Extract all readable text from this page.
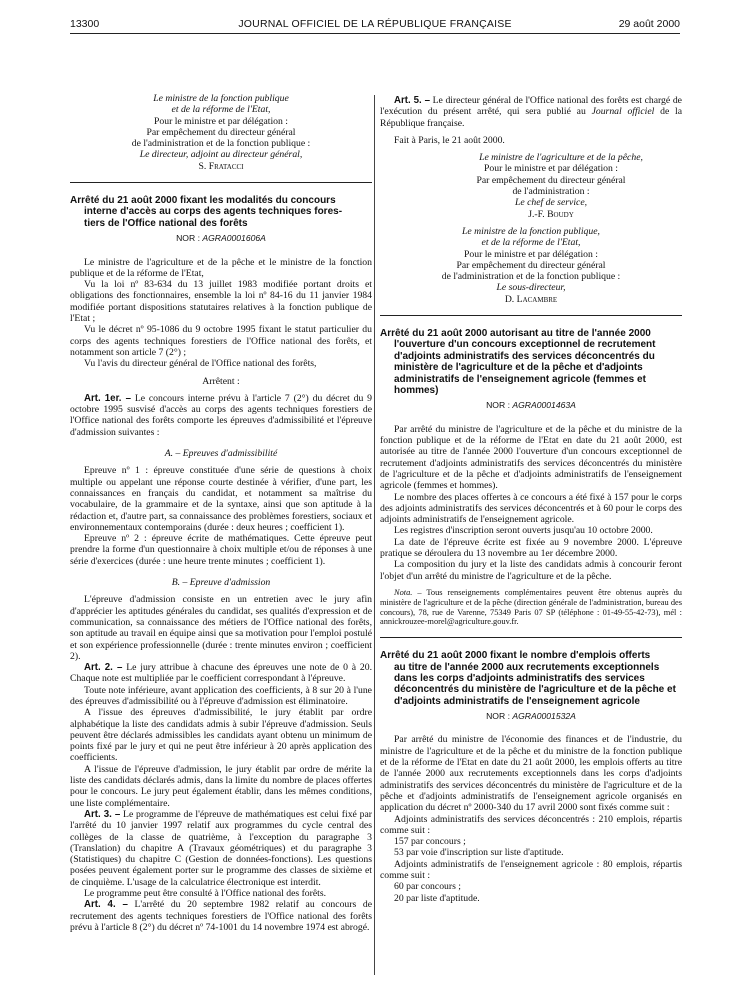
13300	JOURNAL OFFICIEL DE LA RÉPUBLIQUE FRANÇAISE	29 août 2000

Le ministre de la fonction publique

et de la réforme de l'Etat,

Pour le ministre et par délégation :

Par empêchement du directeur général

de l'administration et de la fonction publique :

Le directeur, adjoint au directeur général,

S. Fratacci

Arrêté du 21 août 2000 fixant les modalités du concours
interne d'accès au corps des agents techniques fores-
tiers de l'Office national des forêts

NOR : AGRA0001606A

Le ministre de l'agriculture et de la pêche et le ministre de la fonction publique et de la réforme de l'Etat,

Vu la loi nº 83-634 du 13 juillet 1983 modifiée portant droits et obligations des fonctionnaires, ensemble la loi nº 84-16 du 11 janvier 1984 modifiée portant dispositions statutaires relatives à la fonction publique de l'Etat ;

Vu le décret nº 95-1086 du 9 octobre 1995 fixant le statut particulier du corps des agents techniques forestiers de l'Office national des forêts, et notamment son article 7 (2°) ;

Vu l'avis du directeur général de l'Office national des forêts,

Arrêtent :

Art. 1er. – Le concours interne prévu à l'article 7 (2°) du décret du 9 octobre 1995 susvisé d'accès au corps des agents techniques forestiers de l'Office national des forêts comporte les épreuves d'admissibilité et l'épreuve d'admission suivantes :

A. – Epreuves d'admissibilité

Epreuve nº 1 : épreuve constituée d'une série de questions à choix multiple ou appelant une réponse courte destinée à vérifier, d'une part, les connaissances en français du candidat, et notamment sa maîtrise du vocabulaire, de la grammaire et de la syntaxe, ainsi que son aptitude à la rédaction et, d'autre part, sa connaissance des problèmes forestiers, sociaux et environnementaux contemporains (durée : deux heures ; coefficient 1).

Epreuve nº 2 : épreuve écrite de mathématiques. Cette épreuve peut prendre la forme d'un questionnaire à choix multiple et/ou de réponses à une série d'exercices (durée : une heure trente minutes ; coefficient 1).

B. – Epreuve d'admission

L'épreuve d'admission consiste en un entretien avec le jury afin d'apprécier les aptitudes générales du candidat, ses qualités d'expression et de communication, sa connaissance des métiers de l'Office national des forêts, son aptitude au travail en équipe ainsi que sa motivation pour l'emploi postulé et son expérience professionnelle (durée : trente minutes environ ; coefficient 2).

Art. 2. – Le jury attribue à chacune des épreuves une note de 0 à 20. Chaque note est multipliée par le coefficient correspondant à l'épreuve.

Toute note inférieure, avant application des coefficients, à 8 sur 20 à l'une des épreuves d'admissibilité ou à l'épreuve d'admission est éliminatoire.

A l'issue des épreuves d'admissibilité, le jury établit par ordre alphabétique la liste des candidats admis à subir l'épreuve d'admission. Seuls peuvent être déclarés admissibles les candidats ayant obtenu un minimum de points fixé par le jury et qui ne peut être inférieur à 20 après application des coefficients.

A l'issue de l'épreuve d'admission, le jury établit par ordre de mérite la liste des candidats déclarés admis, dans la limite du nombre de places offertes pour le concours. Le jury peut également établir, dans les mêmes conditions, une liste complémentaire.

Art. 3. – Le programme de l'épreuve de mathématiques est celui fixé par l'arrêté du 10 janvier 1997 relatif aux programmes du cycle central des collèges de la classe de quatrième, à l'exception du paragraphe 3 (Translation) du chapitre A (Travaux géométriques) et du paragraphe 3 (Statistiques) du chapitre C (Gestion de données-fonctions). Les questions posées peuvent également porter sur le programme des classes de sixième et de cinquième. L'usage de la calculatrice électronique est interdit.

Le programme peut être consulté à l'Office national des forêts.

Art. 4. – L'arrêté du 20 septembre 1982 relatif au concours de recrutement des agents techniques forestiers de l'Office national des forêts prévu à l'article 8 (2°) du décret nº 74-1001 du 14 novembre 1974 est abrogé.

Art. 5. – Le directeur général de l'Office national des forêts est chargé de l'exécution du présent arrêté, qui sera publié au Journal officiel de la République française.

Fait à Paris, le 21 août 2000.

Le ministre de l'agriculture et de la pêche,

Pour le ministre et par délégation :

Par empêchement du directeur général

de l'administration :

Le chef de service,

J.-F. Boudy

Le ministre de la fonction publique,

et de la réforme de l'Etat,

Pour le ministre et par délégation :

Par empêchement du directeur général

de l'administration et de la fonction publique :

Le sous-directeur,

D. Lacambre

Arrêté du 21 août 2000 autorisant au titre de l'année 2000
l'ouverture d'un concours exceptionnel de recrutement d'adjoints administratifs des services déconcentrés du ministère de l'agriculture et de la pêche et d'adjoints administratifs de l'enseignement agricole (femmes et hommes)

NOR : AGRA0001463A

Par arrêté du ministre de l'agriculture et de la pêche et du ministre de la fonction publique et de la réforme de l'Etat en date du 21 août 2000, est autorisée au titre de l'année 2000 l'ouverture d'un concours exceptionnel de recrutement d'adjoints administratifs des services déconcentrés du ministère de l'agriculture et de la pêche et d'adjoints administratifs de l'enseignement agricole (femmes et hommes).

Le nombre des places offertes à ce concours a été fixé à 157 pour le corps des adjoints administratifs des services déconcentrés et à 60 pour le corps des adjoints administratifs de l'enseignement agricole.

Les registres d'inscription seront ouverts jusqu'au 10 octobre 2000.

La date de l'épreuve écrite est fixée au 9 novembre 2000. L'épreuve pratique se déroulera du 13 novembre au 1er décembre 2000.

La composition du jury et la liste des candidats admis à concourir feront l'objet d'un arrêté du ministre de l'agriculture et de la pêche.

Nota. – Tous renseignements complémentaires peuvent être obtenus auprès du ministère de l'agriculture et de la pêche (direction générale de l'administration, bureau des concours), 78, rue de Varenne, 75349 Paris 07 SP (téléphone : 01-49-55-42-73), mél : annickrouzee-morel@agriculture.gouv.fr.

Arrêté du 21 août 2000 fixant le nombre d'emplois offerts
au titre de l'année 2000 aux recrutements exceptionnels dans les corps d'adjoints administratifs des services déconcentrés du ministère de l'agriculture et de la pêche et d'adjoints administratifs de l'enseignement agricole

NOR : AGRA0001532A

Par arrêté du ministre de l'économie des finances et de l'industrie, du ministre de l'agriculture et de la pêche et du ministre de la fonction publique et de la réforme de l'Etat en date du 21 août 2000, les emplois offerts au titre de l'année 2000 aux recrutements exceptionnels dans les corps d'adjoints administratifs des services déconcentrés du ministère de l'agriculture et de la pêche et d'adjoints administratifs de l'enseignement agricole organisés en application du décret nº 2000-340 du 17 avril 2000 sont fixés comme suit :

Adjoints administratifs des services déconcentrés : 210 emplois, répartis comme suit :

157 par concours ;

53 par voie d'inscription sur liste d'aptitude.

Adjoints administratifs de l'enseignement agricole : 80 emplois, répartis comme suit :

60 par concours ;

20 par liste d'aptitude.
